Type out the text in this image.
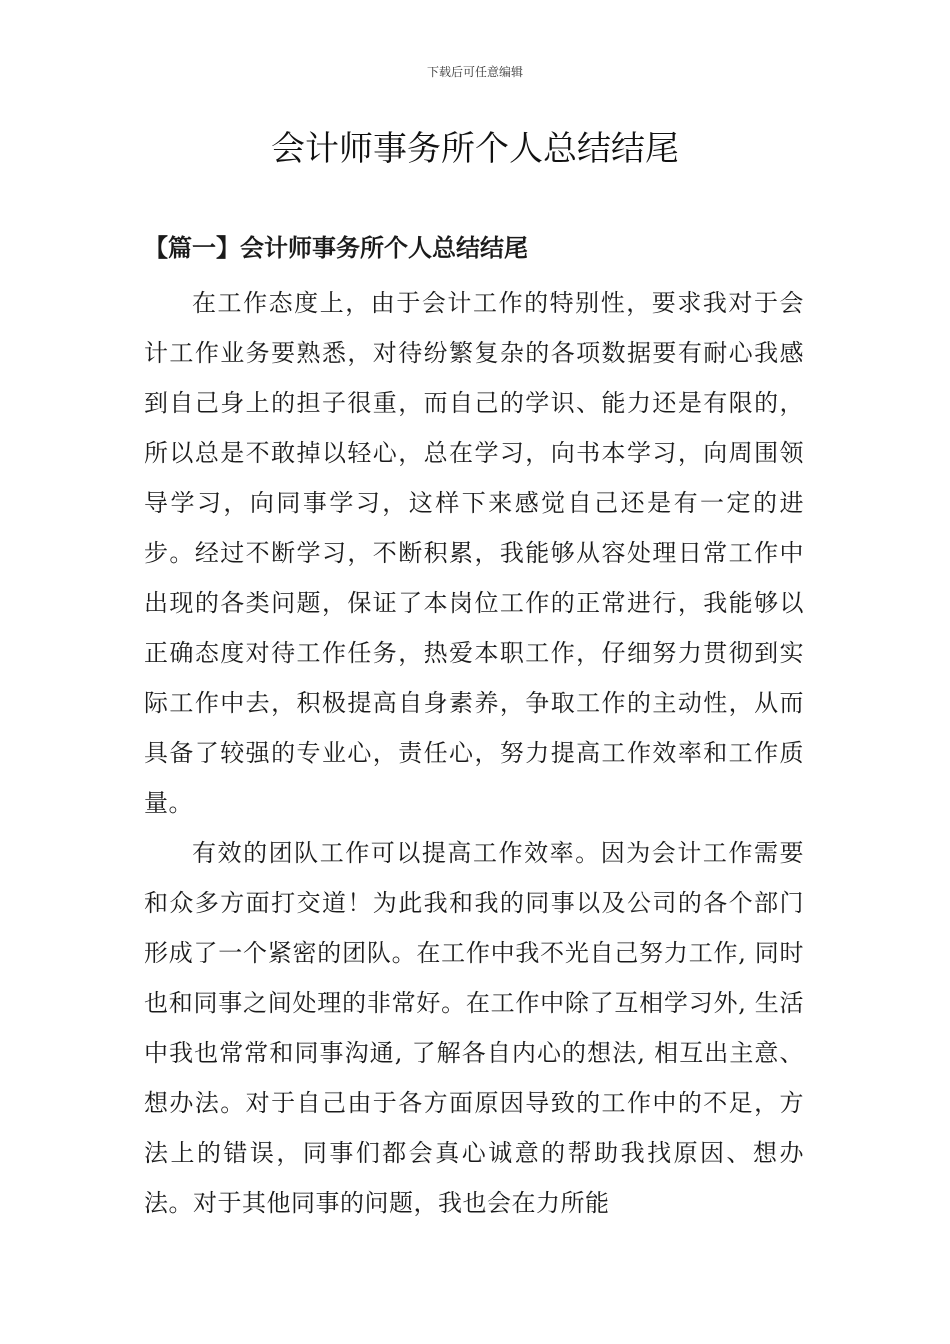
下载后可任意编辑
会计师事务所个人总结结尾
【篇一】会计师事务所个人总结结尾

在工作态度上，由于会计工作的特别性，要求我对于会计工作业务要熟悉，对待纷繁复杂的各项数据要有耐心我感到自己身上的担子很重，而自己的学识、能力还是有限的，所以总是不敢掉以轻心，总在学习，向书本学习，向周围领导学习，向同事学习，这样下来感觉自己还是有一定的进步。经过不断学习，不断积累，我能够从容处理日常工作中出现的各类问题，保证了本岗位工作的正常进行，我能够以正确态度对待工作任务，热爱本职工作，仔细努力贯彻到实际工作中去，积极提高自身素养，争取工作的主动性，从而具备了较强的专业心，责任心，努力提高工作效率和工作质量。

有效的团队工作可以提高工作效率。因为会计工作需要和众多方面打交道！为此我和我的同事以及公司的各个部门形成了一个紧密的团队。在工作中我不光自己努力工作, 同时也和同事之间处理的非常好。在工作中除了互相学习外, 生活中我也常常和同事沟通, 了解各自内心的想法, 相互出主意、想办法。对于自己由于各方面原因导致的工作中的不足，方法上的错误，同事们都会真心诚意的帮助我找原因、想办法。对于其他同事的问题，我也会在力所能
